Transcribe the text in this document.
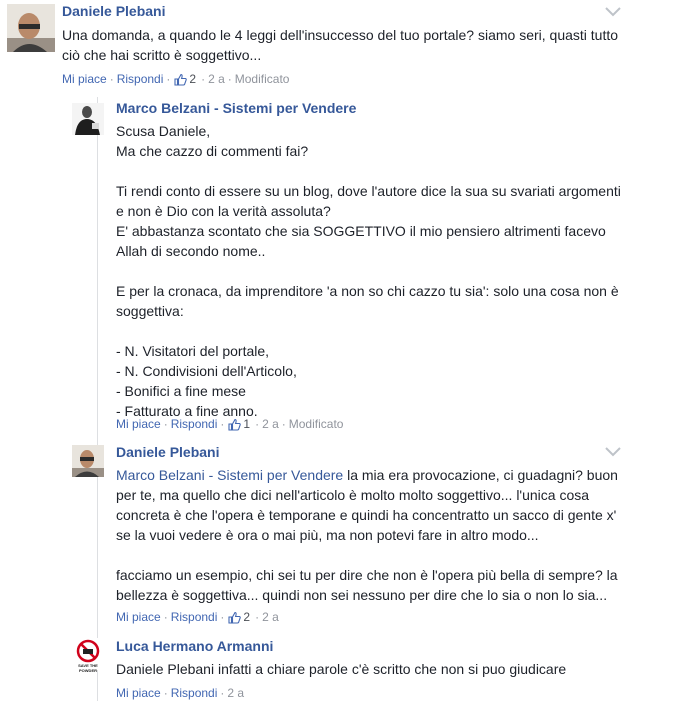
Daniele Plebani

Una domanda, a quando le 4 leggi dell'insuccesso del tuo portale? siamo seri, quasti tutto

ciò che hai scritto è soggettivo...

Mi piace · Rispondi · 2 · 2 a · Modificato
Marco Belzani - Sistemi per Vendere

Scusa Daniele,

Ma che cazzo di commenti fai?

Ti rendi conto di essere su un blog, dove l'autore dice la sua su svariati argomenti

e non è Dio con la verità assoluta?

E' abbastanza scontato che sia SOGGETTIVO il mio pensiero altrimenti facevo

Allah di secondo nome..

E per la cronaca, da imprenditore 'a non so chi cazzo tu sia': solo una cosa non è

soggettiva:

- N. Visitatori del portale,

- N. Condivisioni dell'Articolo,

- Bonifici a fine mese

- Fatturato a fine anno.

Mi piace · Rispondi · 1 · 2 a · Modificato
Daniele Plebani

Marco Belzani - Sistemi per Vendere la mia era provocazione, ci guadagni? buon

per te, ma quello che dici nell'articolo è molto molto soggettivo... l'unica cosa

concreta è che l'opera è temporane e quindi ha concentratto un sacco di gente x'

se la vuoi vedere è ora o mai più, ma non potevi fare in altro modo...

facciamo un esempio, chi sei tu per dire che non è l'opera più bella di sempre? la

bellezza è soggettiva... quindi non sei nessuno per dire che lo sia o non lo sia...

Mi piace · Rispondi · 2 · 2 a
SAVE THE POWDER
Luca Hermano Armanni

Daniele Plebani infatti a chiare parole c'è scritto che non si puo giudicare

Mi piace · Rispondi · 2 a
